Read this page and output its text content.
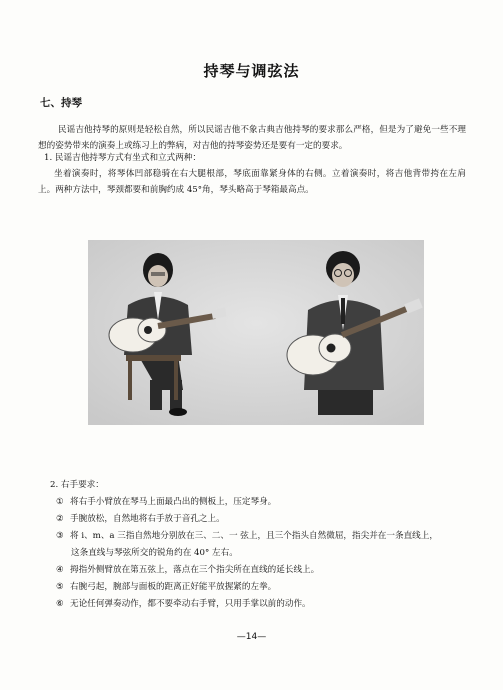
持琴与调弦法
七、持琴
民谣吉他持琴的原则是轻松自然，所以民谣吉他不象古典吉他持琴的要求那么严格，但是为了避免一些不理想的姿势带来的演奏上或练习上的弊病，对吉他的持琴姿势还是要有一定的要求。
1. 民谣吉他持琴方式有坐式和立式两种：
坐着演奏时，将琴体凹部稳骑在右大腿根部，琴底面靠紧身体的右侧。立着演奏时，将吉他背带挎在左肩上。两种方法中，琴颈都要和前胸约成 45°角，琴头略高于琴箱最高点。
2. 右手要求：
① 将右手小臂放在琴马上面最凸出的侧板上，压定琴身。
② 手腕放松，自然地将右手放于音孔之上。
③ 将 i、m、a 三指自然地分别放在三、二、一 弦上，且三个指头自然微屈，指尖并在一条直线上，
这条直线与琴弦所交的锐角约在 40° 左右。
④ 拇指外侧臂放在第五弦上，落点在三个指尖所在直线的延长线上。
⑤ 右腕弓起，腕部与面板的距离正好能平放握紧的左拳。
⑥ 无论任何弹奏动作，都不要牵动右手臂，只用手掌以前的动作。
—14—
